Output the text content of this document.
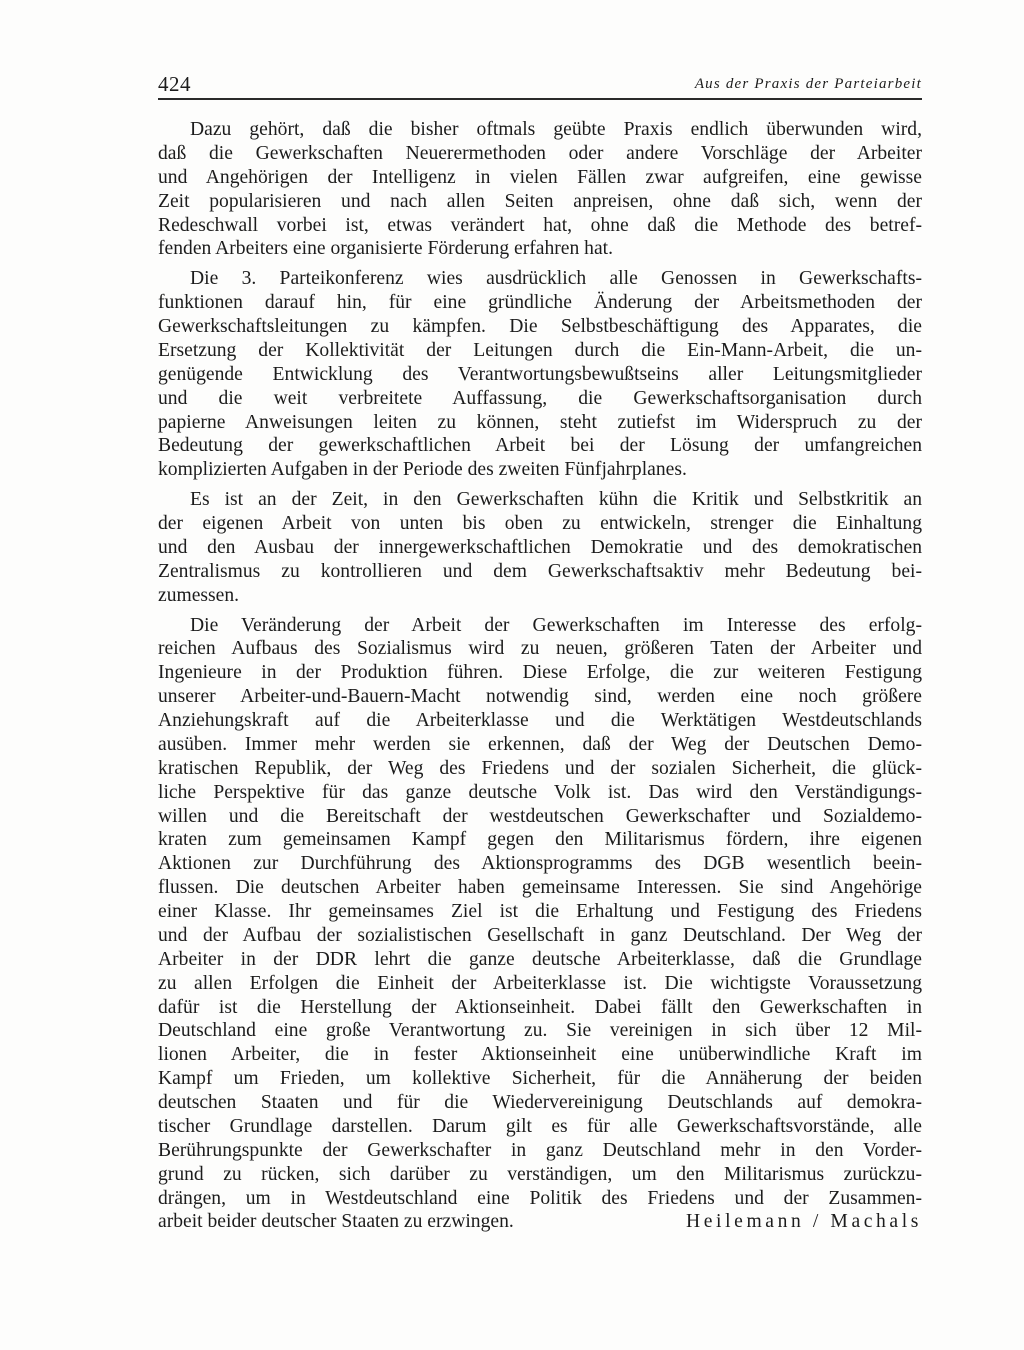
424	Aus der Praxis der Parteiarbeit
Dazu gehört, daß die bisher oftmals geübte Praxis endlich überwunden wird,
daß die Gewerkschaften Neuerermethoden oder andere Vorschläge der Arbeiter
und Angehörigen der Intelligenz in vielen Fällen zwar aufgreifen, eine gewisse
Zeit popularisieren und nach allen Seiten anpreisen, ohne daß sich, wenn der
Redeschwall vorbei ist, etwas verändert hat, ohne daß die Methode des betref-
fenden Arbeiters eine organisierte Förderung erfahren hat.
Die 3. Parteikonferenz wies ausdrücklich alle Genossen in Gewerkschafts-
funktionen darauf hin, für eine gründliche Änderung der Arbeitsmethoden der
Gewerkschaftsleitungen zu kämpfen. Die Selbstbeschäftigung des Apparates, die
Ersetzung der Kollektivität der Leitungen durch die Ein-Mann-Arbeit, die un-
genügende Entwicklung des Verantwortungsbewußtseins aller Leitungsmitglieder
und die weit verbreitete Auffassung, die Gewerkschaftsorganisation durch
papierne Anweisungen leiten zu können, steht zutiefst im Widerspruch zu der
Bedeutung der gewerkschaftlichen Arbeit bei der Lösung der umfangreichen
komplizierten Aufgaben in der Periode des zweiten Fünfjahrplanes.
Es ist an der Zeit, in den Gewerkschaften kühn die Kritik und Selbstkritik an
der eigenen Arbeit von unten bis oben zu entwickeln, strenger die Einhaltung
und den Ausbau der innergewerkschaftlichen Demokratie und des demokratischen
Zentralismus zu kontrollieren und dem Gewerkschaftsaktiv mehr Bedeutung bei-
zumessen.
Die Veränderung der Arbeit der Gewerkschaften im Interesse des erfolg-
reichen Aufbaus des Sozialismus wird zu neuen, größeren Taten der Arbeiter und
Ingenieure in der Produktion führen. Diese Erfolge, die zur weiteren Festigung
unserer Arbeiter-und-Bauern-Macht notwendig sind, werden eine noch größere
Anziehungskraft auf die Arbeiterklasse und die Werktätigen Westdeutschlands
ausüben. Immer mehr werden sie erkennen, daß der Weg der Deutschen Demo-
kratischen Republik, der Weg des Friedens und der sozialen Sicherheit, die glück-
liche Perspektive für das ganze deutsche Volk ist. Das wird den Verständigungs-
willen und die Bereitschaft der westdeutschen Gewerkschafter und Sozialdemo-
kraten zum gemeinsamen Kampf gegen den Militarismus fördern, ihre eigenen
Aktionen zur Durchführung des Aktionsprogramms des DGB wesentlich beein-
flussen. Die deutschen Arbeiter haben gemeinsame Interessen. Sie sind Angehörige
einer Klasse. Ihr gemeinsames Ziel ist die Erhaltung und Festigung des Friedens
und der Aufbau der sozialistischen Gesellschaft in ganz Deutschland. Der Weg der
Arbeiter in der DDR lehrt die ganze deutsche Arbeiterklasse, daß die Grundlage
zu allen Erfolgen die Einheit der Arbeiterklasse ist. Die wichtigste Voraussetzung
dafür ist die Herstellung der Aktionseinheit. Dabei fällt den Gewerkschaften in
Deutschland eine große Verantwortung zu. Sie vereinigen in sich über 12 Mil-
lionen Arbeiter, die in fester Aktionseinheit eine unüberwindliche Kraft im
Kampf um Frieden, um kollektive Sicherheit, für die Annäherung der beiden
deutschen Staaten und für die Wiedervereinigung Deutschlands auf demokra-
tischer Grundlage darstellen. Darum gilt es für alle Gewerkschaftsvorstände, alle
Berührungspunkte der Gewerkschafter in ganz Deutschland mehr in den Vorder-
grund zu rücken, sich darüber zu verständigen, um den Militarismus zurückzu-
drängen, um in Westdeutschland eine Politik des Friedens und der Zusammen-
arbeit beider deutscher Staaten zu erzwingen.	Heilemann / Machals
